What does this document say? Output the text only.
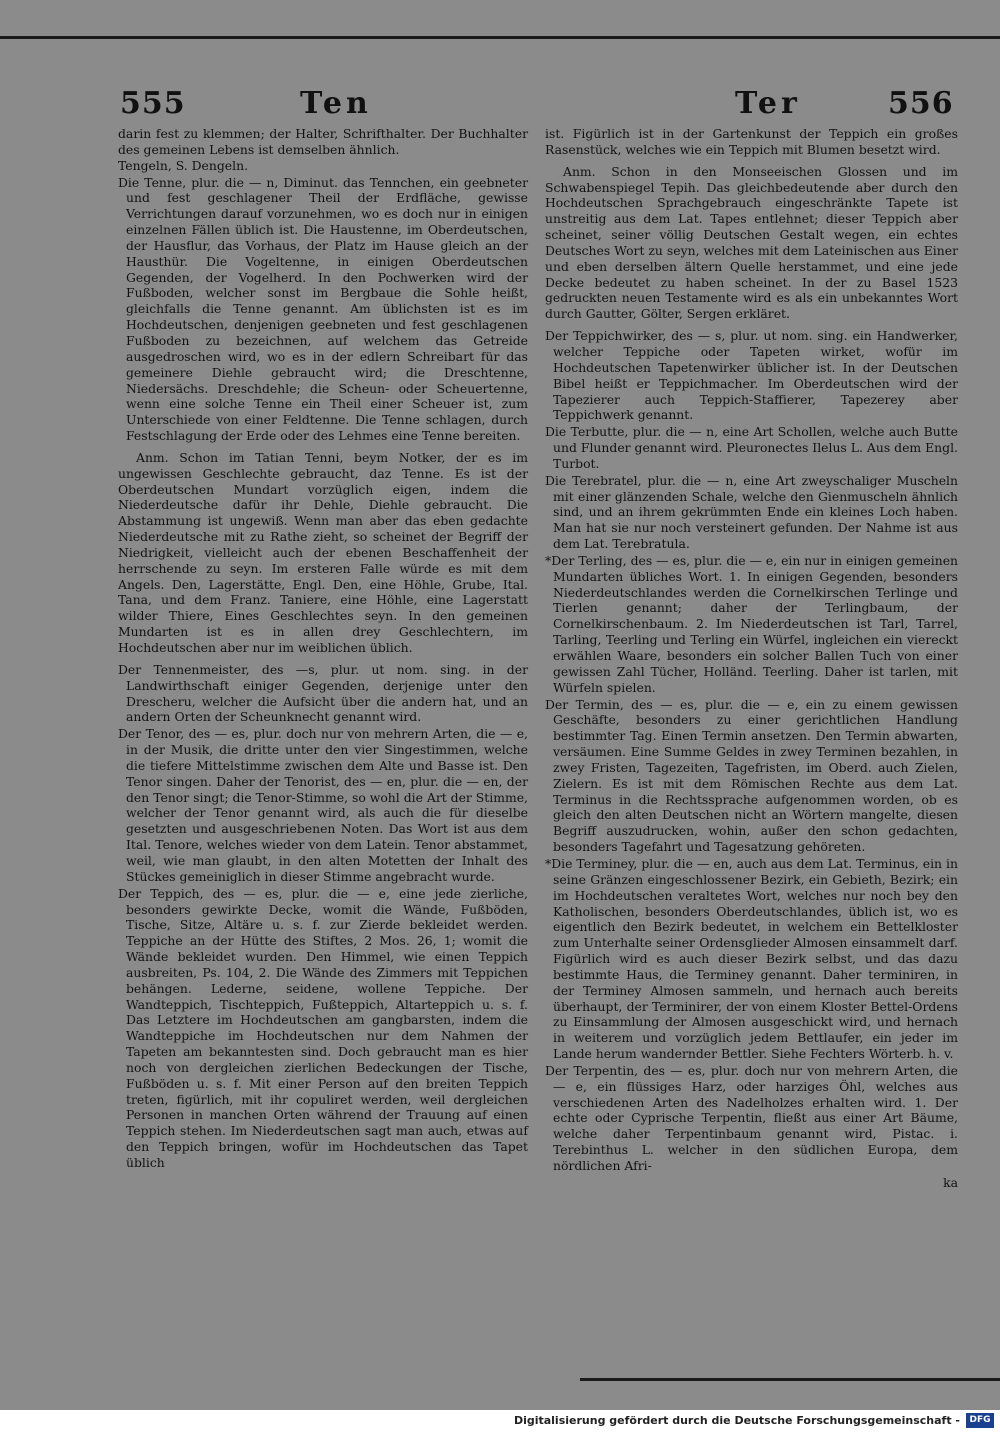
555	Ten	Ter	556

darin fest zu klemmen; der Halter, Schrifthalter. Der Buchhalter des gemeinen Lebens ist demselben ähnlich.

Tengeln, S. Dengeln.

Die Tenne, plur. die — n, Diminut. das Tennchen, ein geebneter und fest geschlagener Theil der Erdfläche, gewisse Verrichtungen darauf vorzunehmen, wo es doch nur in einigen einzelnen Fällen üblich ist. Die Haustenne, im Oberdeutschen, der Hausflur, das Vorhaus, der Platz im Hause gleich an der Hausthür. Die Vogeltenne, in einigen Oberdeutschen Gegenden, der Vogelherd. In den Pochwerken wird der Fußboden, welcher sonst im Bergbaue die Sohle heißt, gleichfalls die Tenne genannt. Am üblichsten ist es im Hochdeutschen, denjenigen geebneten und fest geschlagenen Fußboden zu bezeichnen, auf welchem das Getreide ausgedroschen wird, wo es in der edlern Schreibart für das gemeinere Diehle gebraucht wird; die Dreschtenne, Niedersächs. Dreschdehle; die Scheun- oder Scheuertenne, wenn eine solche Tenne ein Theil einer Scheuer ist, zum Unterschiede von einer Feldtenne. Die Tenne schlagen, durch Festschlagung der Erde oder des Lehmes eine Tenne bereiten.

Anm. Schon im Tatian Tenni, beym Notker, der es im ungewissen Geschlechte gebraucht, daz Tenne. Es ist der Oberdeutschen Mundart vorzüglich eigen, indem die Niederdeutsche dafür ihr Dehle, Diehle gebraucht. Die Abstammung ist ungewiß. Wenn man aber das eben gedachte Niederdeutsche mit zu Rathe zieht, so scheinet der Begriff der Niedrigkeit, vielleicht auch der ebenen Beschaffenheit der herrschende zu seyn. Im ersteren Falle würde es mit dem Angels. Den, Lagerstätte, Engl. Den, eine Höhle, Grube, Ital. Tana, und dem Franz. Taniere, eine Höhle, eine Lagerstatt wilder Thiere, Eines Geschlechtes seyn. In den gemeinen Mundarten ist es in allen drey Geschlechtern, im Hochdeutschen aber nur im weiblichen üblich.

Der Tennenmeister, des —s, plur. ut nom. sing. in der Landwirthschaft einiger Gegenden, derjenige unter den Drescheru, welcher die Aufsicht über die andern hat, und an andern Orten der Scheunknecht genannt wird.

Der Tenor, des — es, plur. doch nur von mehrern Arten, die — e, in der Musik, die dritte unter den vier Singestimmen, welche die tiefere Mittelstimme zwischen dem Alte und Basse ist. Den Tenor singen. Daher der Tenorist, des — en, plur. die — en, der den Tenor singt; die Tenor-Stimme, so wohl die Art der Stimme, welcher der Tenor genannt wird, als auch die für dieselbe gesetzten und ausgeschriebenen Noten. Das Wort ist aus dem Ital. Tenore, welches wieder von dem Latein. Tenor abstammet, weil, wie man glaubt, in den alten Motetten der Inhalt des Stückes gemeiniglich in dieser Stimme angebracht wurde.

Der Teppich, des — es, plur. die — e, eine jede zierliche, besonders gewirkte Decke, womit die Wände, Fußböden, Tische, Sitze, Altäre u. s. f. zur Zierde bekleidet werden. Teppiche an der Hütte des Stiftes, 2 Mos. 26, 1; womit die Wände bekleidet wurden. Den Himmel, wie einen Teppich ausbreiten, Ps. 104, 2. Die Wände des Zimmers mit Teppichen behängen. Lederne, seidene, wollene Teppiche. Der Wandteppich, Tischteppich, Fußteppich, Altarteppich u. s. f. Das Letztere im Hochdeutschen am gangbarsten, indem die Wandteppiche im Hochdeutschen nur dem Nahmen der Tapeten am bekanntesten sind. Doch gebraucht man es hier noch von dergleichen zierlichen Bedeckungen der Tische, Fußböden u. s. f. Mit einer Person auf den breiten Teppich treten, figürlich, mit ihr copuliret werden, weil dergleichen Personen in manchen Orten während der Trauung auf einen Teppich stehen. Im Niederdeutschen sagt man auch, etwas auf den Teppich bringen, wofür im Hochdeutschen das Tapet üblich

ist. Figürlich ist in der Gartenkunst der Teppich ein großes Rasenstück, welches wie ein Teppich mit Blumen besetzt wird.

Anm. Schon in den Monseeischen Glossen und im Schwabenspiegel Tepih. Das gleichbedeutende aber durch den Hochdeutschen Sprachgebrauch eingeschränkte Tapete ist unstreitig aus dem Lat. Tapes entlehnet; dieser Teppich aber scheinet, seiner völlig Deutschen Gestalt wegen, ein echtes Deutsches Wort zu seyn, welches mit dem Lateinischen aus Einer und eben derselben ältern Quelle herstammet, und eine jede Decke bedeutet zu haben scheinet. In der zu Basel 1523 gedruckten neuen Testamente wird es als ein unbekanntes Wort durch Gautter, Gölter, Sergen erkläret.

Der Teppichwirker, des — s, plur. ut nom. sing. ein Handwerker, welcher Teppiche oder Tapeten wirket, wofür im Hochdeutschen Tapetenwirker üblicher ist. In der Deutschen Bibel heißt er Teppichmacher. Im Oberdeutschen wird der Tapezierer auch Teppich-Staffierer, Tapezerey aber Teppichwerk genannt.

Die Terbutte, plur. die — n, eine Art Schollen, welche auch Butte und Flunder genannt wird. Pleuronectes Ilelus L. Aus dem Engl. Turbot.

Die Terebratel, plur. die — n, eine Art zweyschaliger Muscheln mit einer glänzenden Schale, welche den Gienmuscheln ähnlich sind, und an ihrem gekrümmten Ende ein kleines Loch haben. Man hat sie nur noch versteinert gefunden. Der Nahme ist aus dem Lat. Terebratula.

*Der Terling, des — es, plur. die — e, ein nur in einigen gemeinen Mundarten übliches Wort. 1. In einigen Gegenden, besonders Niederdeutschlandes werden die Cornelkirschen Terlinge und Tierlen genannt; daher der Terlingbaum, der Cornelkirschenbaum. 2. Im Niederdeutschen ist Tarl, Tarrel, Tarling, Teerling und Terling ein Würfel, ingleichen ein viereckt erwählen Waare, besonders ein solcher Ballen Tuch von einer gewissen Zahl Tücher, Holländ. Teerling. Daher ist tarlen, mit Würfeln spielen.

Der Termin, des — es, plur. die — e, ein zu einem gewissen Geschäfte, besonders zu einer gerichtlichen Handlung bestimmter Tag. Einen Termin ansetzen. Den Termin abwarten, versäumen. Eine Summe Geldes in zwey Terminen bezahlen, in zwey Fristen, Tagezeiten, Tagefristen, im Oberd. auch Zielen, Zielern. Es ist mit dem Römischen Rechte aus dem Lat. Terminus in die Rechtssprache aufgenommen worden, ob es gleich den alten Deutschen nicht an Wörtern mangelte, diesen Begriff auszudrucken, wohin, außer den schon gedachten, besonders Tagefahrt und Tagesatzung gehöreten.

*Die Terminey, plur. die — en, auch aus dem Lat. Terminus, ein in seine Gränzen eingeschlossener Bezirk, ein Gebieth, Bezirk; ein im Hochdeutschen veraltetes Wort, welches nur noch bey den Katholischen, besonders Oberdeutschlandes, üblich ist, wo es eigentlich den Bezirk bedeutet, in welchem ein Bettelkloster zum Unterhalte seiner Ordensglieder Almosen einsammelt darf. Figürlich wird es auch dieser Bezirk selbst, und das dazu bestimmte Haus, die Terminey genannt. Daher terminiren, in der Terminey Almosen sammeln, und hernach auch bereits überhaupt, der Terminirer, der von einem Kloster Bettel-Ordens zu Einsammlung der Almosen ausgeschickt wird, und hernach in weiterem und vorzüglich jedem Bettlaufer, ein jeder im Lande herum wandernder Bettler. Siehe Fechters Wörterb. h. v.

Der Terpentin, des — es, plur. doch nur von mehrern Arten, die — e, ein flüssiges Harz, oder harziges Öhl, welches aus verschiedenen Arten des Nadelholzes erhalten wird. 1. Der echte oder Cyprische Terpentin, fließt aus einer Art Bäume, welche daher Terpentinbaum genannt wird, Pistac. i. Terebinthus L. welcher in den südlichen Europa, dem nördlichen Afri-

ka

Digitalisierung gefördert durch die Deutsche Forschungsgemeinschaft -	DFG
